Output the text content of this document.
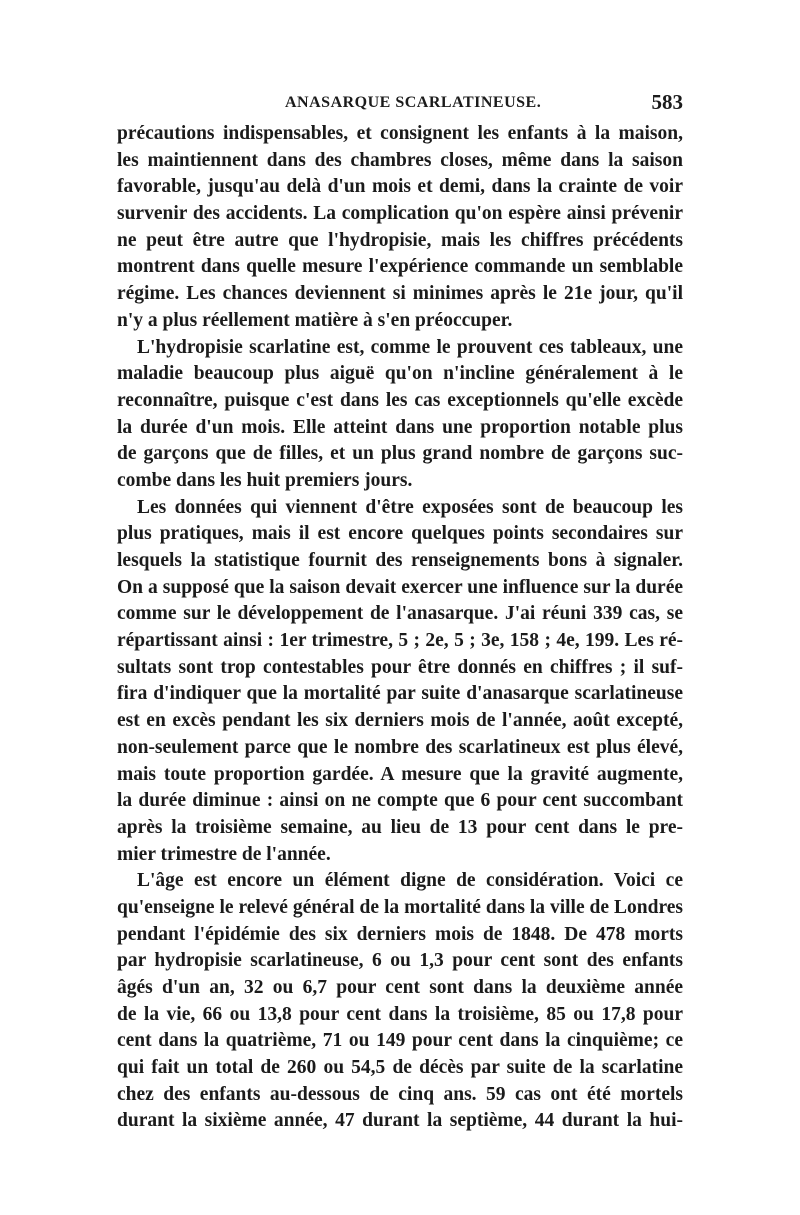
ANASARQUE SCARLATINEUSE.	583
précautions indispensables, et consignent les enfants à la maison,
les maintiennent dans des chambres closes, même dans la saison
favorable, jusqu'au delà d'un mois et demi, dans la crainte de voir
survenir des accidents. La complication qu'on espère ainsi prévenir
ne peut être autre que l'hydropisie, mais les chiffres précédents
montrent dans quelle mesure l'expérience commande un semblable
régime. Les chances deviennent si minimes après le 21e jour, qu'il
n'y a plus réellement matière à s'en préoccuper.
L'hydropisie scarlatine est, comme le prouvent ces tableaux, une
maladie beaucoup plus aiguë qu'on n'incline généralement à le
reconnaître, puisque c'est dans les cas exceptionnels qu'elle excède
la durée d'un mois. Elle atteint dans une proportion notable plus
de garçons que de filles, et un plus grand nombre de garçons suc-
combe dans les huit premiers jours.
Les données qui viennent d'être exposées sont de beaucoup les
plus pratiques, mais il est encore quelques points secondaires sur
lesquels la statistique fournit des renseignements bons à signaler.
On a supposé que la saison devait exercer une influence sur la durée
comme sur le développement de l'anasarque. J'ai réuni 339 cas, se
répartissant ainsi : 1er trimestre, 5 ; 2e, 5 ; 3e, 158 ; 4e, 199. Les ré-
sultats sont trop contestables pour être donnés en chiffres ; il suf-
fira d'indiquer que la mortalité par suite d'anasarque scarlatineuse
est en excès pendant les six derniers mois de l'année, août excepté,
non-seulement parce que le nombre des scarlatineux est plus élevé,
mais toute proportion gardée. A mesure que la gravité augmente,
la durée diminue : ainsi on ne compte que 6 pour cent succombant
après la troisième semaine, au lieu de 13 pour cent dans le pre-
mier trimestre de l'année.
L'âge est encore un élément digne de considération. Voici ce
qu'enseigne le relevé général de la mortalité dans la ville de Londres
pendant l'épidémie des six derniers mois de 1848. De 478 morts
par hydropisie scarlatineuse, 6 ou 1,3 pour cent sont des enfants
âgés d'un an, 32 ou 6,7 pour cent sont dans la deuxième année
de la vie, 66 ou 13,8 pour cent dans la troisième, 85 ou 17,8 pour
cent dans la quatrième, 71 ou 149 pour cent dans la cinquième; ce
qui fait un total de 260 ou 54,5 de décès par suite de la scarlatine
chez des enfants au-dessous de cinq ans. 59 cas ont été mortels
durant la sixième année, 47 durant la septième, 44 durant la hui-
